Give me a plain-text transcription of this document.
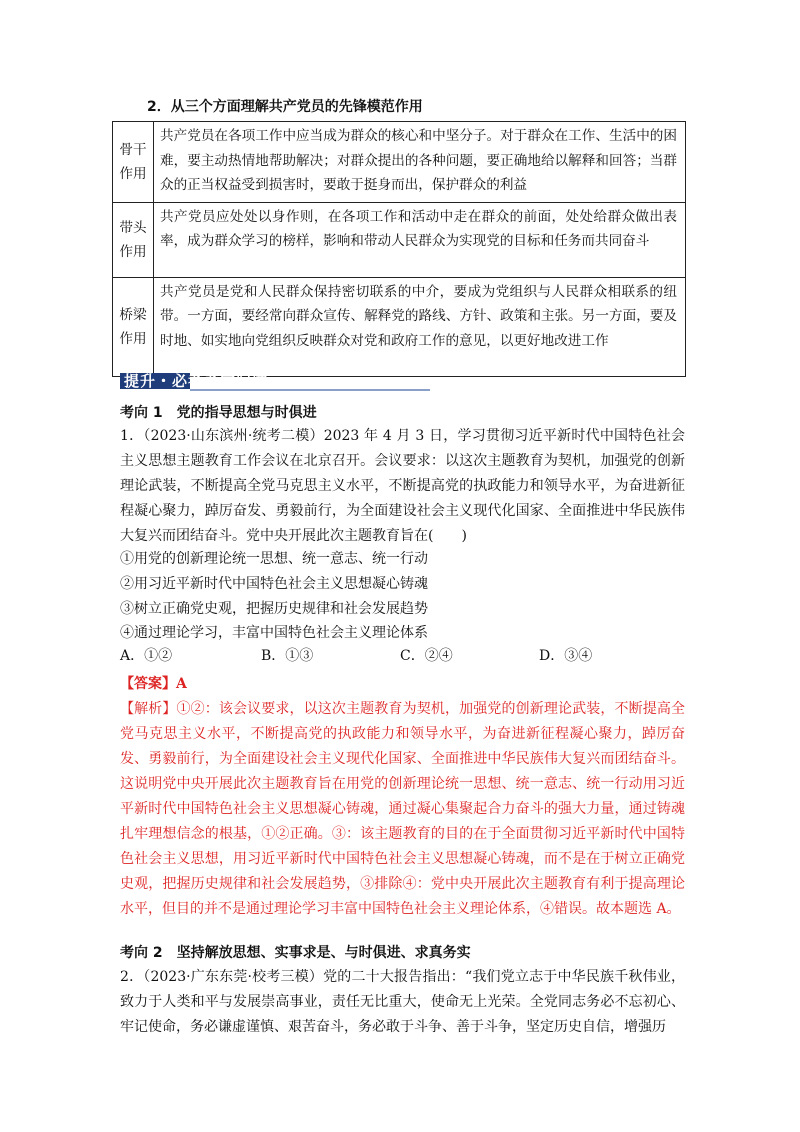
2．从三个方面理解共产党员的先锋模范作用
骨干
作用	共产党员在各项工作中应当成为群众的核心和中坚分子。对于群众在工作、生活中的困难，要主动热情地帮助解决；对群众提出的各种问题，要正确地给以解释和回答；当群众的正当权益受到损害时，要敢于挺身而出，保护群众的利益

带头
作用	共产党员应处处以身作则，在各项工作和活动中走在群众的前面，处处给群众做出表率，成为群众学习的榜样，影响和带动人民群众为实现党的目标和任务而共同奋斗

桥梁
作用	共产党员是党和人民群众保持密切联系的中介，要成为党组织与人民群众相联系的纽带。一方面，要经常向群众宣传、解释党的路线、方针、政策和主张。另一方面，要及时地、如实地向党组织反映群众对党和政府工作的意见，以更好地改进工作
提升・必考考向归纳
考向 1　党的指导思想与时俱进
1．（2023·山东滨州·统考二模）2023 年 4 月 3 日，学习贯彻习近平新时代中国特色社会主义思想主题教育工作会议在北京召开。会议要求：以这次主题教育为契机，加强党的创新理论武装，不断提高全党马克思主义水平，不断提高党的执政能力和领导水平，为奋进新征程凝心聚力，踔厉奋发、勇毅前行，为全面建设社会主义现代化国家、全面推进中华民族伟大复兴而团结奋斗。党中央开展此次主题教育旨在(　　)
①用党的创新理论统一思想、统一意志、统一行动
②用习近平新时代中国特色社会主义思想凝心铸魂
③树立正确党史观，把握历史规律和社会发展趋势
④通过理论学习，丰富中国特色社会主义理论体系
A．①②	B．①③	C．②④	D．③④
【答案】A
【解析】①②：该会议要求，以这次主题教育为契机，加强党的创新理论武装，不断提高全党马克思主义水平，不断提高党的执政能力和领导水平，为奋进新征程凝心聚力，踔厉奋发、勇毅前行，为全面建设社会主义现代化国家、全面推进中华民族伟大复兴而团结奋斗。这说明党中央开展此次主题教育旨在用党的创新理论统一思想、统一意志、统一行动用习近平新时代中国特色社会主义思想凝心铸魂，通过凝心集聚起合力奋斗的强大力量，通过铸魂扎牢理想信念的根基，①②正确。③：该主题教育的目的在于全面贯彻习近平新时代中国特色社会主义思想，用习近平新时代中国特色社会主义思想凝心铸魂，而不是在于树立正确党史观，把握历史规律和社会发展趋势，③排除④：党中央开展此次主题教育有利于提高理论水平，但目的并不是通过理论学习丰富中国特色社会主义理论体系，④错误。故本题选 A。
考向 2　坚持解放思想、实事求是、与时俱进、求真务实
2．（2023·广东东莞·校考三模）党的二十大报告指出：“我们党立志于中华民族千秋伟业，致力于人类和平与发展崇高事业，责任无比重大，使命无上光荣。全党同志务必不忘初心、牢记使命，务必谦虚谨慎、艰苦奋斗，务必敢于斗争、善于斗争，坚定历史自信，增强历
